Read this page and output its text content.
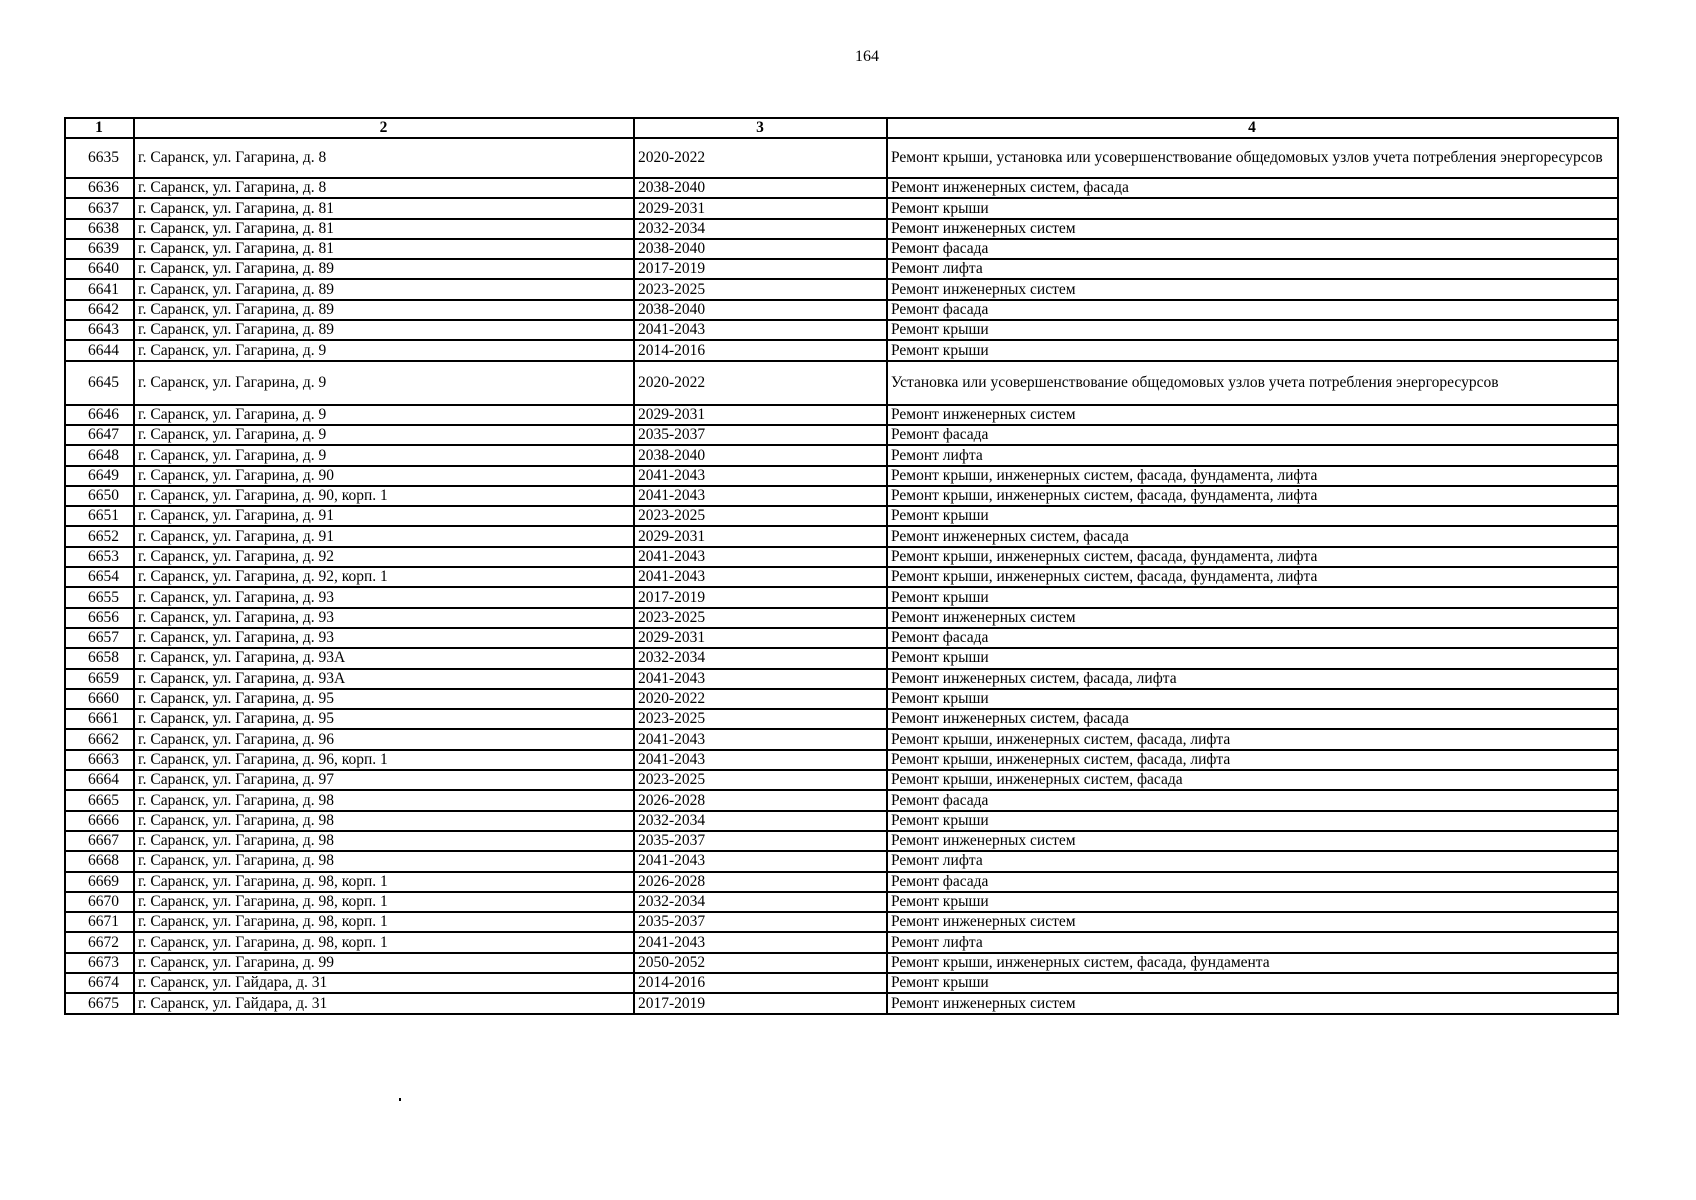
164
1	2	3	4
6635	г. Саранск, ул. Гагарина, д. 8	2020-2022	Ремонт крыши, установка или усовершенствование общедомовых узлов учета потребления энергоресурсов
6636	г. Саранск, ул. Гагарина, д. 8	2038-2040	Ремонт инженерных систем, фасада
6637	г. Саранск, ул. Гагарина, д. 81	2029-2031	Ремонт крыши
6638	г. Саранск, ул. Гагарина, д. 81	2032-2034	Ремонт инженерных систем
6639	г. Саранск, ул. Гагарина, д. 81	2038-2040	Ремонт фасада
6640	г. Саранск, ул. Гагарина, д. 89	2017-2019	Ремонт лифта
6641	г. Саранск, ул. Гагарина, д. 89	2023-2025	Ремонт инженерных систем
6642	г. Саранск, ул. Гагарина, д. 89	2038-2040	Ремонт фасада
6643	г. Саранск, ул. Гагарина, д. 89	2041-2043	Ремонт крыши
6644	г. Саранск, ул. Гагарина, д. 9	2014-2016	Ремонт крыши
6645	г. Саранск, ул. Гагарина, д. 9	2020-2022	Установка или усовершенствование общедомовых узлов учета потребления энергоресурсов
6646	г. Саранск, ул. Гагарина, д. 9	2029-2031	Ремонт инженерных систем
6647	г. Саранск, ул. Гагарина, д. 9	2035-2037	Ремонт фасада
6648	г. Саранск, ул. Гагарина, д. 9	2038-2040	Ремонт лифта
6649	г. Саранск, ул. Гагарина, д. 90	2041-2043	Ремонт крыши, инженерных систем, фасада, фундамента, лифта
6650	г. Саранск, ул. Гагарина, д. 90, корп. 1	2041-2043	Ремонт крыши, инженерных систем, фасада, фундамента, лифта
6651	г. Саранск, ул. Гагарина, д. 91	2023-2025	Ремонт крыши
6652	г. Саранск, ул. Гагарина, д. 91	2029-2031	Ремонт инженерных систем, фасада
6653	г. Саранск, ул. Гагарина, д. 92	2041-2043	Ремонт крыши, инженерных систем, фасада, фундамента, лифта
6654	г. Саранск, ул. Гагарина, д. 92, корп. 1	2041-2043	Ремонт крыши, инженерных систем, фасада, фундамента, лифта
6655	г. Саранск, ул. Гагарина, д. 93	2017-2019	Ремонт крыши
6656	г. Саранск, ул. Гагарина, д. 93	2023-2025	Ремонт инженерных систем
6657	г. Саранск, ул. Гагарина, д. 93	2029-2031	Ремонт фасада
6658	г. Саранск, ул. Гагарина, д. 93А	2032-2034	Ремонт крыши
6659	г. Саранск, ул. Гагарина, д. 93А	2041-2043	Ремонт инженерных систем, фасада, лифта
6660	г. Саранск, ул. Гагарина, д. 95	2020-2022	Ремонт крыши
6661	г. Саранск, ул. Гагарина, д. 95	2023-2025	Ремонт инженерных систем, фасада
6662	г. Саранск, ул. Гагарина, д. 96	2041-2043	Ремонт крыши, инженерных систем, фасада, лифта
6663	г. Саранск, ул. Гагарина, д. 96, корп. 1	2041-2043	Ремонт крыши, инженерных систем, фасада, лифта
6664	г. Саранск, ул. Гагарина, д. 97	2023-2025	Ремонт крыши, инженерных систем, фасада
6665	г. Саранск, ул. Гагарина, д. 98	2026-2028	Ремонт фасада
6666	г. Саранск, ул. Гагарина, д. 98	2032-2034	Ремонт крыши
6667	г. Саранск, ул. Гагарина, д. 98	2035-2037	Ремонт инженерных систем
6668	г. Саранск, ул. Гагарина, д. 98	2041-2043	Ремонт лифта
6669	г. Саранск, ул. Гагарина, д. 98, корп. 1	2026-2028	Ремонт фасада
6670	г. Саранск, ул. Гагарина, д. 98, корп. 1	2032-2034	Ремонт крыши
6671	г. Саранск, ул. Гагарина, д. 98, корп. 1	2035-2037	Ремонт инженерных систем
6672	г. Саранск, ул. Гагарина, д. 98, корп. 1	2041-2043	Ремонт лифта
6673	г. Саранск, ул. Гагарина, д. 99	2050-2052	Ремонт крыши, инженерных систем, фасада, фундамента
6674	г. Саранск, ул. Гайдара, д. 31	2014-2016	Ремонт крыши
6675	г. Саранск, ул. Гайдара, д. 31	2017-2019	Ремонт инженерных систем
